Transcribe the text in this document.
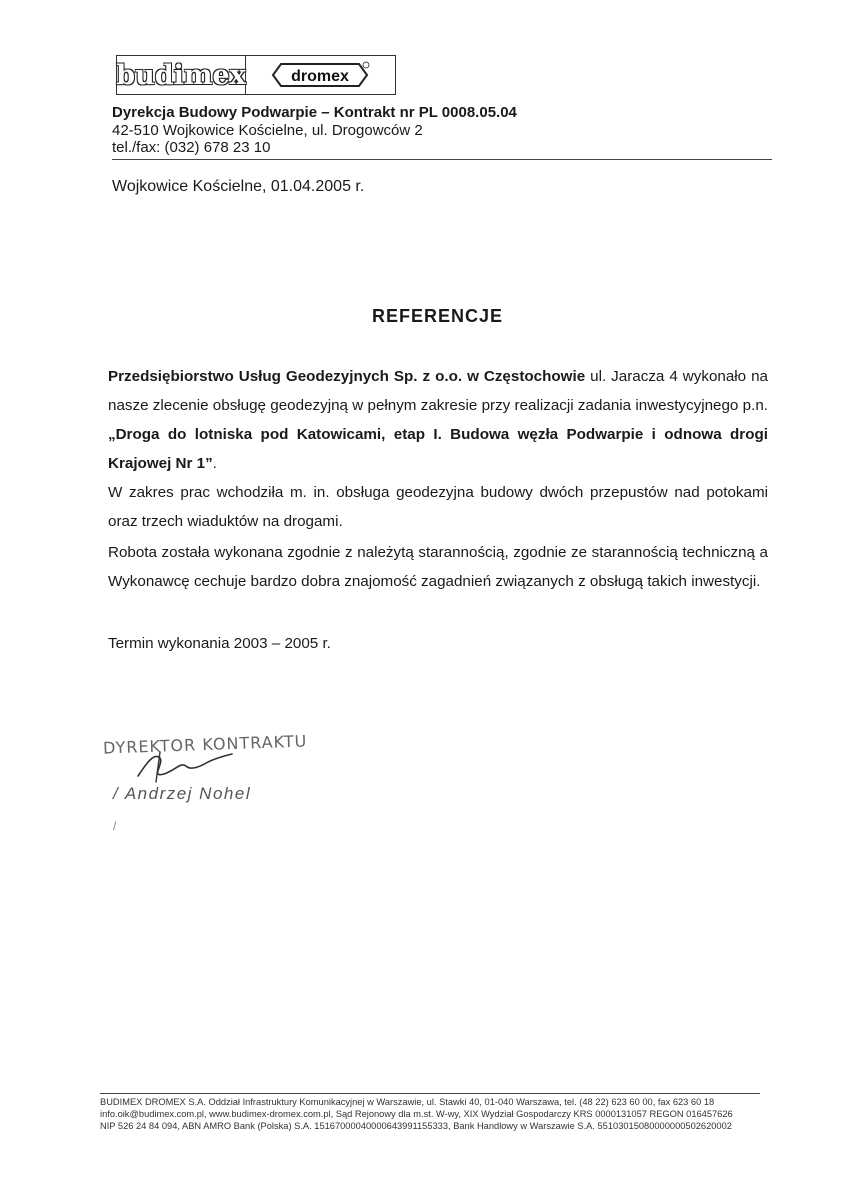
budimex	dromex
Dyrekcja Budowy Podwarpie – Kontrakt nr PL 0008.05.04
42-510 Wojkowice Kościelne, ul. Drogowców 2
tel./fax: (032) 678 23 10
Wojkowice Kościelne, 01.04.2005 r.
REFERENCJE
Przedsiębiorstwo Usług Geodezyjnych Sp. z o.o. w Częstochowie ul. Jaracza 4 wykonało na nasze zlecenie obsługę geodezyjną w pełnym zakresie przy realizacji zadania inwestycyjnego p.n. „Droga do lotniska pod Katowicami, etap I. Budowa węzła Podwarpie i odnowa drogi Krajowej Nr 1”.
W zakres prac wchodziła m. in. obsługa geodezyjna budowy dwóch przepustów nad potokami oraz trzech wiaduktów na drogami.
Robota została wykonana zgodnie z należytą starannością, zgodnie ze starannością techniczną a Wykonawcę cechuje bardzo dobra znajomość zagadnień związanych z obsługą takich inwestycji.
Termin wykonania 2003 – 2005 r.
DYREKTOR KONTRAKTU
/ Andrzej Nohel
/
BUDIMEX DROMEX S.A. Oddział Infrastruktury Komunikacyjnej w Warszawie, ul. Stawki 40, 01-040 Warszawa, tel. (48 22) 623 60 00, fax 623 60 18
info.oik@budimex.com.pl, www.budimex-dromex.com.pl, Sąd Rejonowy dla m.st. W-wy, XIX Wydział Gospodarczy KRS 0000131057 REGON 016457626
NIP 526 24 84 094, ABN AMRO Bank (Polska) S.A. 15167000040000643991155333, Bank Handlowy w Warszawie S.A. 55103015080000000502620002
